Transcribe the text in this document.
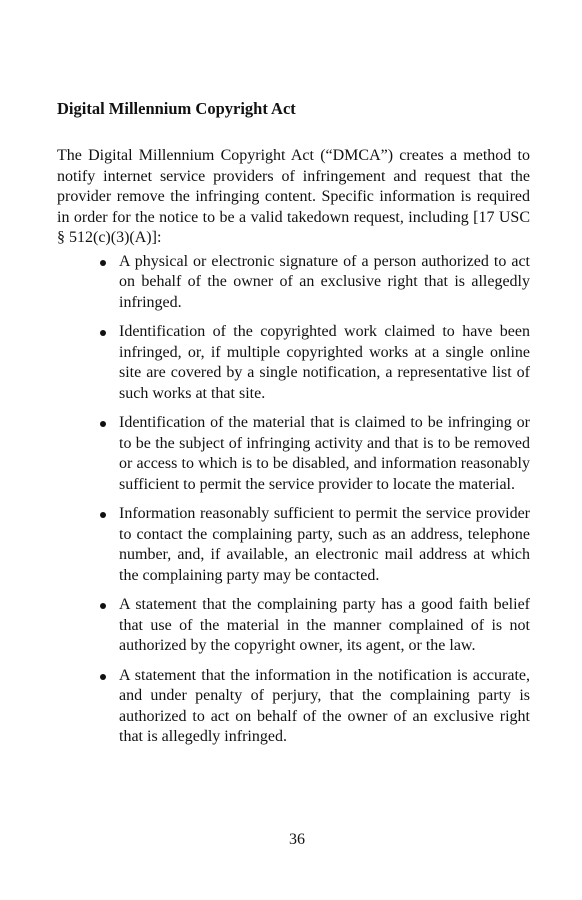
Digital Millennium Copyright Act

The Digital Millennium Copyright Act (“DMCA”) creates a method to notify internet service providers of infringement and request that the provider remove the infringing content. Specific information is required in order for the notice to be a valid takedown request, including [17 USC § 512(c)(3)(A)]:

A physical or electronic signature of a person authorized to act on behalf of the owner of an exclusive right that is allegedly infringed.
Identification of the copyrighted work claimed to have been infringed, or, if multiple copyrighted works at a single online site are covered by a single notification, a representative list of such works at that site.
Identification of the material that is claimed to be infringing or to be the subject of infringing activity and that is to be removed or access to which is to be disabled, and information reasonably sufficient to permit the service provider to locate the material.
Information reasonably sufficient to permit the service provider to contact the complaining party, such as an address, telephone number, and, if available, an electronic mail address at which the complaining party may be contacted.
A statement that the complaining party has a good faith belief that use of the material in the manner complained of is not authorized by the copyright owner, its agent, or the law.
A statement that the information in the notification is accurate, and under penalty of perjury, that the complaining party is authorized to act on behalf of the owner of an exclusive right that is allegedly infringed.
36
